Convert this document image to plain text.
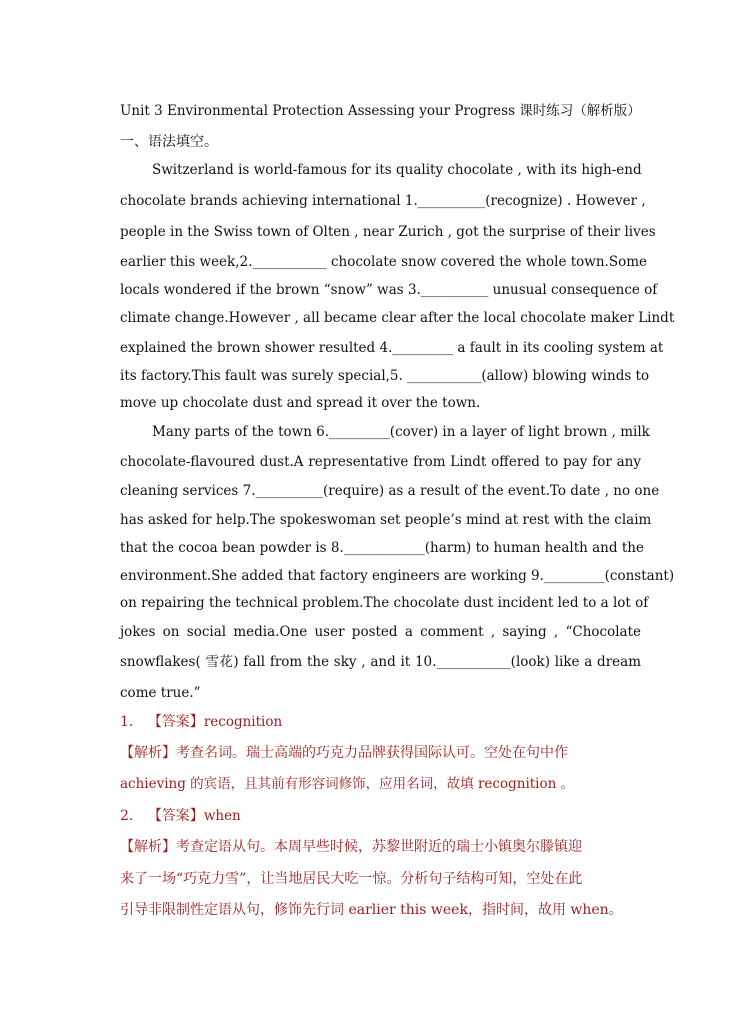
Unit 3 Environmental Protection Assessing your Progress 课时练习（解析版）
一、语法填空。
Switzerland is world-famous for its quality chocolate , with its high-end
chocolate brands achieving international 1.__________(recognize) . However ,
people in the Swiss town of Olten , near Zurich , got the surprise of their lives
earlier this week,2.___________ chocolate snow covered the whole town.Some
locals wondered if the brown “snow” was 3.__________ unusual consequence of
climate change.However , all became clear after the local chocolate maker Lindt
explained the brown shower resulted 4._________ a fault in its cooling system at
its factory.This fault was surely special,5. ___________(allow) blowing winds to
move up chocolate dust and spread it over the town.
Many parts of the town 6._________(cover) in a layer of light brown , milk
chocolate-flavoured dust.A representative from Lindt offered to pay for any
cleaning services 7.__________(require) as a result of the event.To date , no one
has asked for help.The spokeswoman set people’s mind at rest with the claim
that the cocoa bean powder is 8.____________(harm) to human health and the
environment.She added that factory engineers are working 9._________(constant)
on repairing the technical problem.The chocolate dust incident led to a lot of
jokes on social media.One user posted a comment , saying , “Chocolate
snowflakes( 雪花) fall from the sky , and it 10.___________(look) like a dream
come true.”
1. 【答案】recognition
【解析】考查名词。瑞士高端的巧克力品牌获得国际认可。空处在句中作
achieving 的宾语，且其前有形容词修饰，应用名词，故填 recognition 。
2. 【答案】when
【解析】考查定语从句。本周早些时候，苏黎世附近的瑞士小镇奥尔滕镇迎
来了一场“巧克力雪”，让当地居民大吃一惊。分析句子结构可知，空处在此
引导非限制性定语从句，修饰先行词 earlier this week，指时间，故用 when。
